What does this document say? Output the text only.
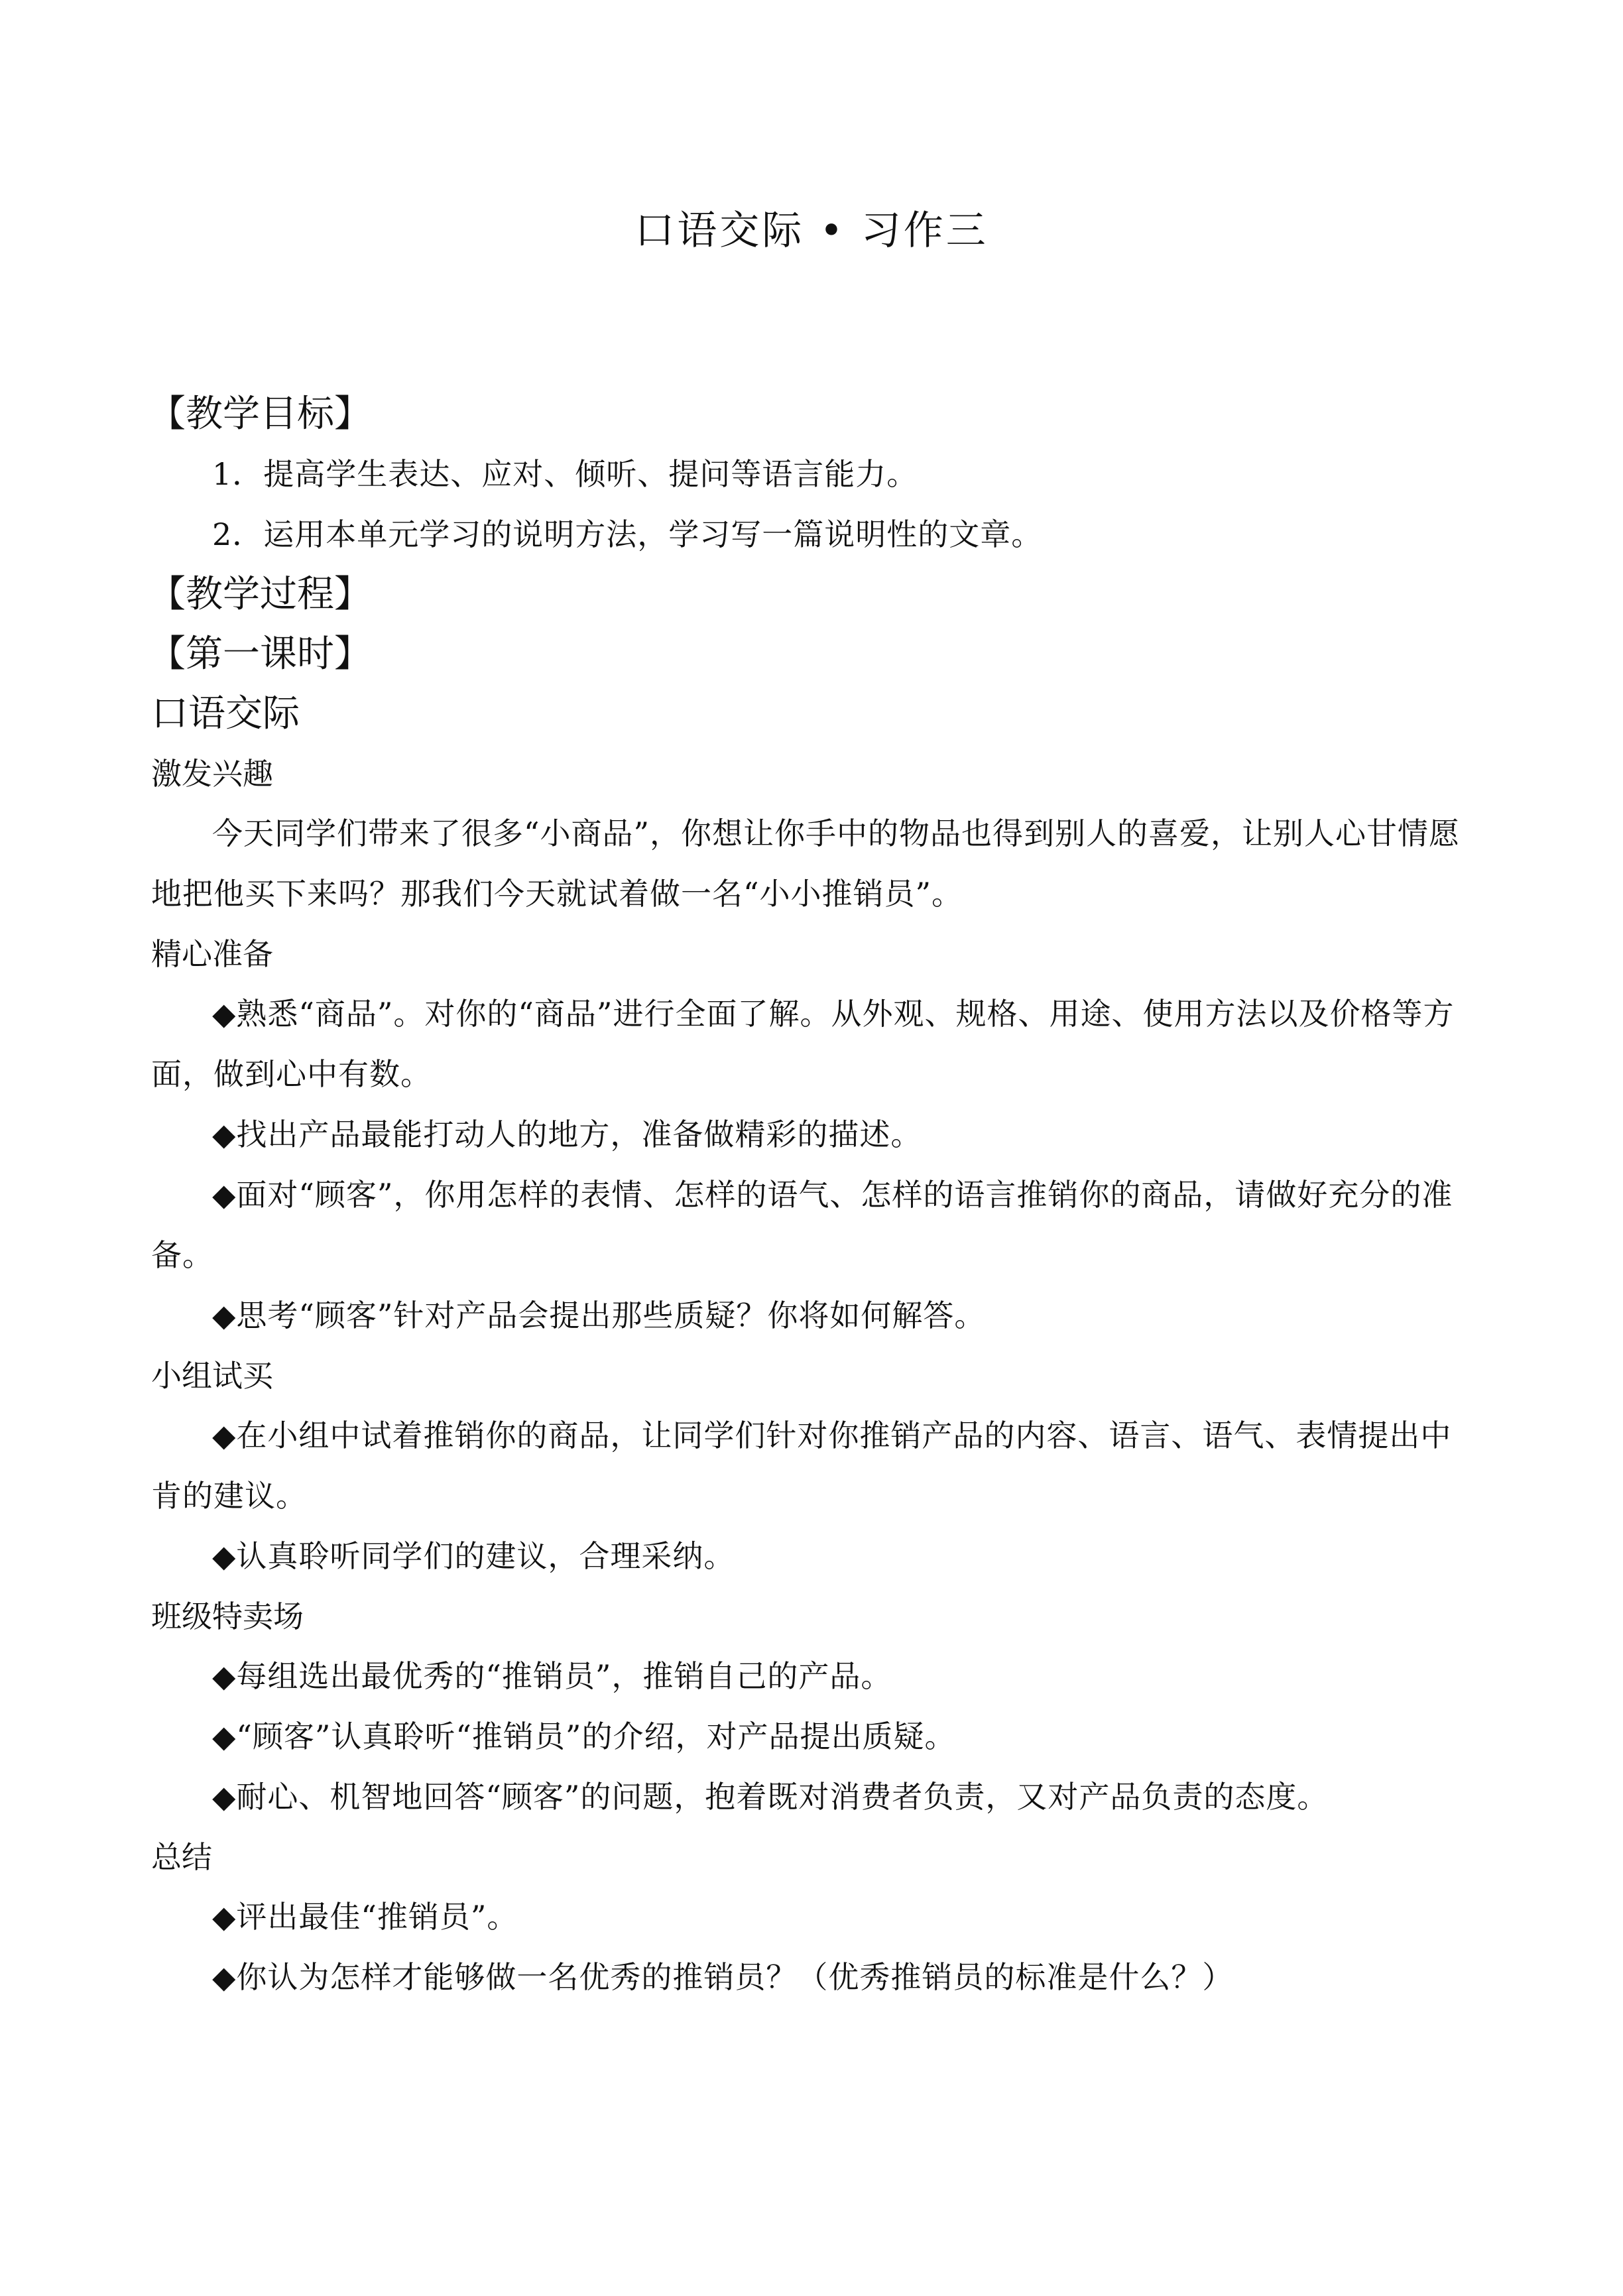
口语交际 • 习作三

【教学目标】

1．提高学生表达、应对、倾听、提问等语言能力。

2．运用本单元学习的说明方法，学习写一篇说明性的文章。

【教学过程】

【第一课时】

口语交际

激发兴趣

今天同学们带来了很多“小商品”，你想让你手中的物品也得到别人的喜爱，让别人心甘情愿地把他买下来吗？那我们今天就试着做一名“小小推销员”。

精心准备

◆熟悉“商品”。对你的“商品”进行全面了解。从外观、规格、用途、使用方法以及价格等方面，做到心中有数。

◆找出产品最能打动人的地方，准备做精彩的描述。

◆面对“顾客”，你用怎样的表情、怎样的语气、怎样的语言推销你的商品，请做好充分的准备。

◆思考“顾客”针对产品会提出那些质疑？你将如何解答。

小组试买

◆在小组中试着推销你的商品，让同学们针对你推销产品的内容、语言、语气、表情提出中肯的建议。

◆认真聆听同学们的建议，合理采纳。

班级特卖场

◆每组选出最优秀的“推销员”，推销自己的产品。

◆“顾客”认真聆听“推销员”的介绍，对产品提出质疑。

◆耐心、机智地回答“顾客”的问题，抱着既对消费者负责，又对产品负责的态度。

总结

◆评出最佳“推销员”。

◆你认为怎样才能够做一名优秀的推销员？（优秀推销员的标准是什么？）
